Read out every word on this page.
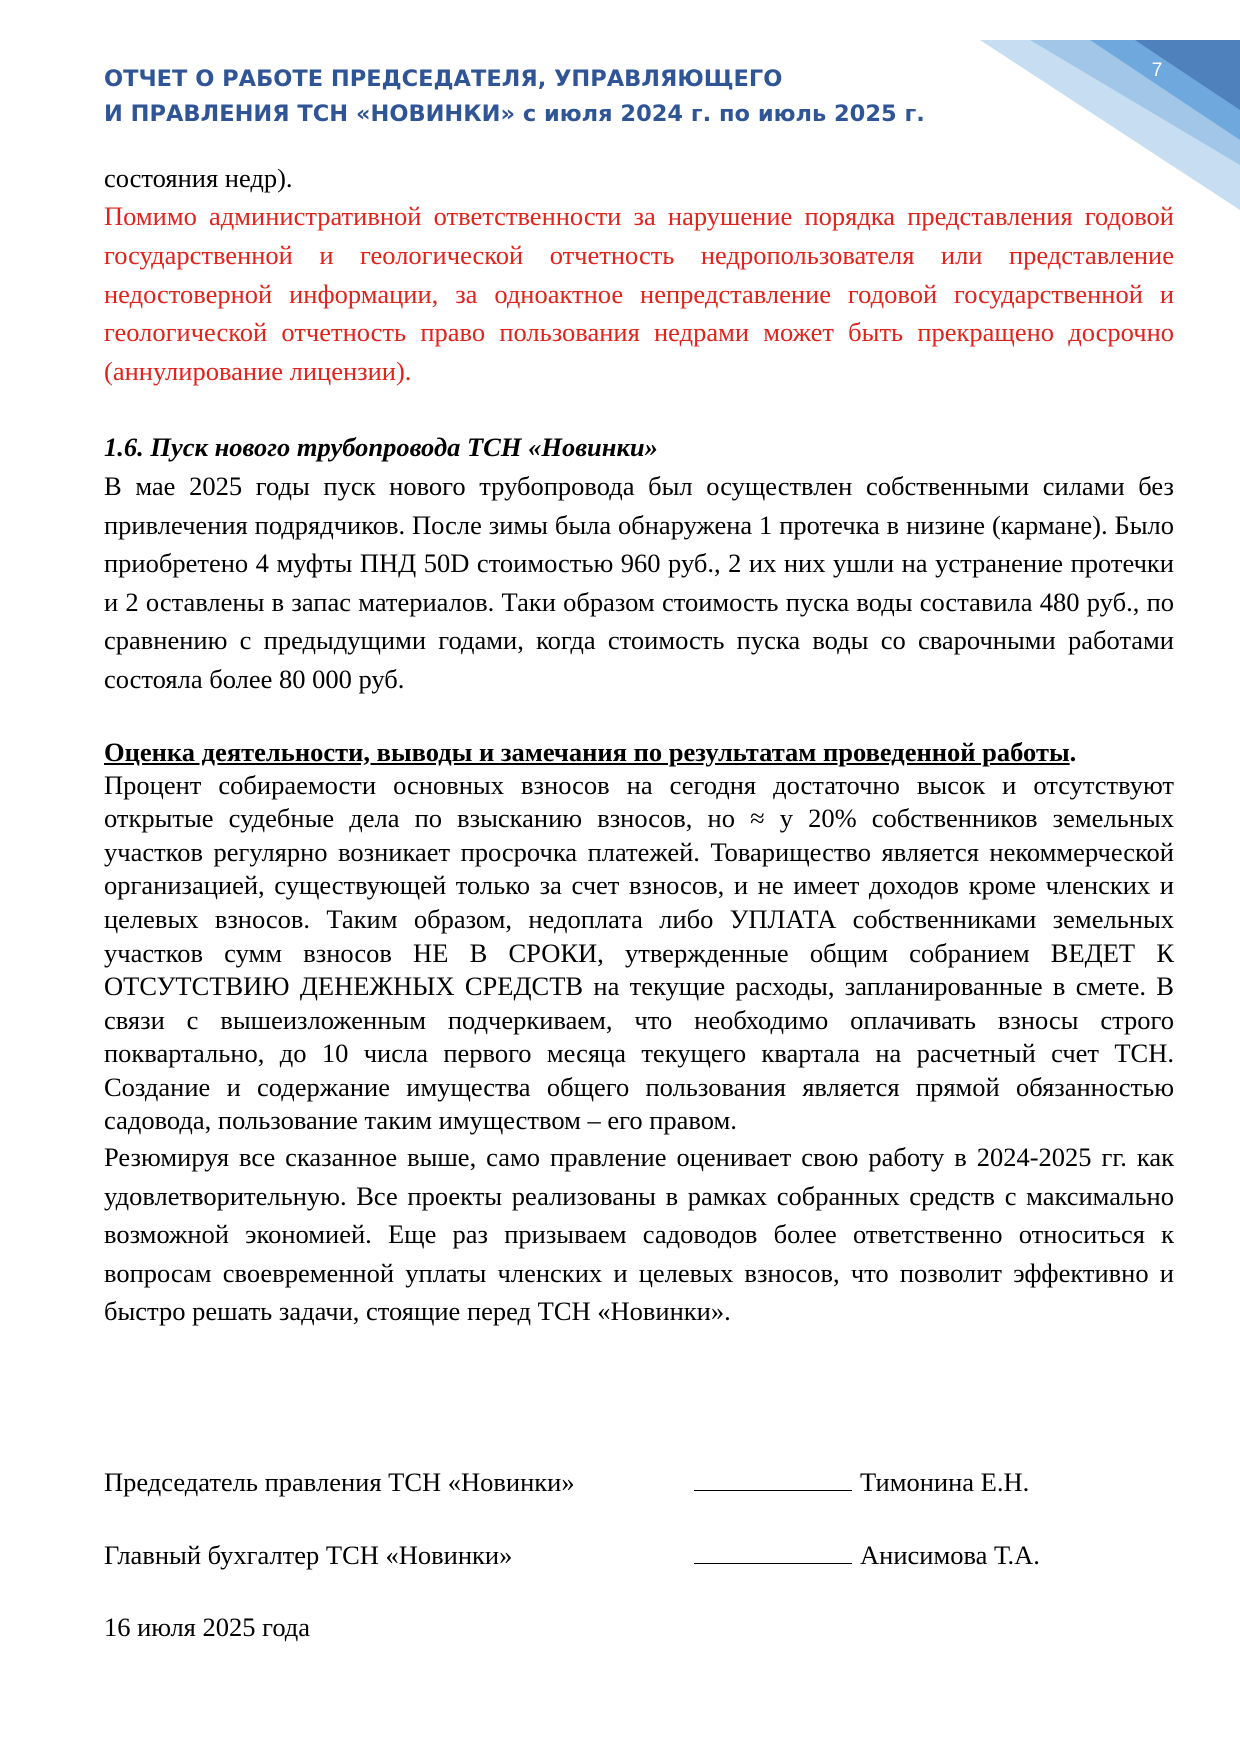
7
ОТЧЕТ О РАБОТЕ ПРЕДСЕДАТЕЛЯ, УПРАВЛЯЮЩЕГО
И ПРАВЛЕНИЯ ТСН «НОВИНКИ» с июля 2024 г. по июль 2025 г.

состояния недр).

Помимо административной ответственности за нарушение порядка представления годовой государственной и геологической отчетность недропользователя или представление недостоверной информации, за одноактное непредставление годовой государственной и геологической отчетность право пользования недрами может быть прекращено досрочно (аннулирование лицензии).

1.6. Пуск нового трубопровода ТСН «Новинки»

В мае 2025 годы пуск нового трубопровода был осуществлен собственными силами без привлечения подрядчиков. После зимы была обнаружена 1 протечка в низине (кармане). Было приобретено 4 муфты ПНД 50D стоимостью 960 руб., 2 их них ушли на устранение протечки и 2 оставлены в запас материалов. Таки образом стоимость пуска воды составила 480 руб., по сравнению с предыдущими годами, когда стоимость пуска воды со сварочными работами состояла более 80 000 руб.

Оценка деятельности, выводы и замечания по результатам проведенной работы.

Процент собираемости основных взносов на сегодня достаточно высок и отсутствуют открытые судебные дела по взысканию взносов, но ≈ у 20% собственников земельных участков регулярно возникает просрочка платежей. Товарищество является некоммерческой организацией, существующей только за счет взносов, и не имеет доходов кроме членских и целевых взносов. Таким образом, недоплата либо УПЛАТА собственниками земельных участков сумм взносов НЕ В СРОКИ, утвержденные общим собранием ВЕДЕТ К ОТСУТСТВИЮ ДЕНЕЖНЫХ СРЕДСТВ на текущие расходы, запланированные в смете. В связи с вышеизложенным подчеркиваем, что необходимо оплачивать взносы строго поквартально, до 10 числа первого месяца текущего квартала на расчетный счет ТСН. Создание и содержание имущества общего пользования является прямой обязанностью садовода, пользование таким имуществом – его правом.

Резюмируя все сказанное выше, само правление оценивает свою работу в 2024-2025 гг. как удовлетворительную. Все проекты реализованы в рамках собранных средств с максимально возможной экономией. Еще раз призываем садоводов более ответственно относиться к вопросам своевременной уплаты членских и целевых взносов, что позволит эффективно и быстро решать задачи, стоящие перед ТСН «Новинки».

Председатель правления ТСН «Новинки»	Тимонина Е.Н.
Главный бухгалтер ТСН «Новинки»	Анисимова Т.А.
16 июля 2025 года
